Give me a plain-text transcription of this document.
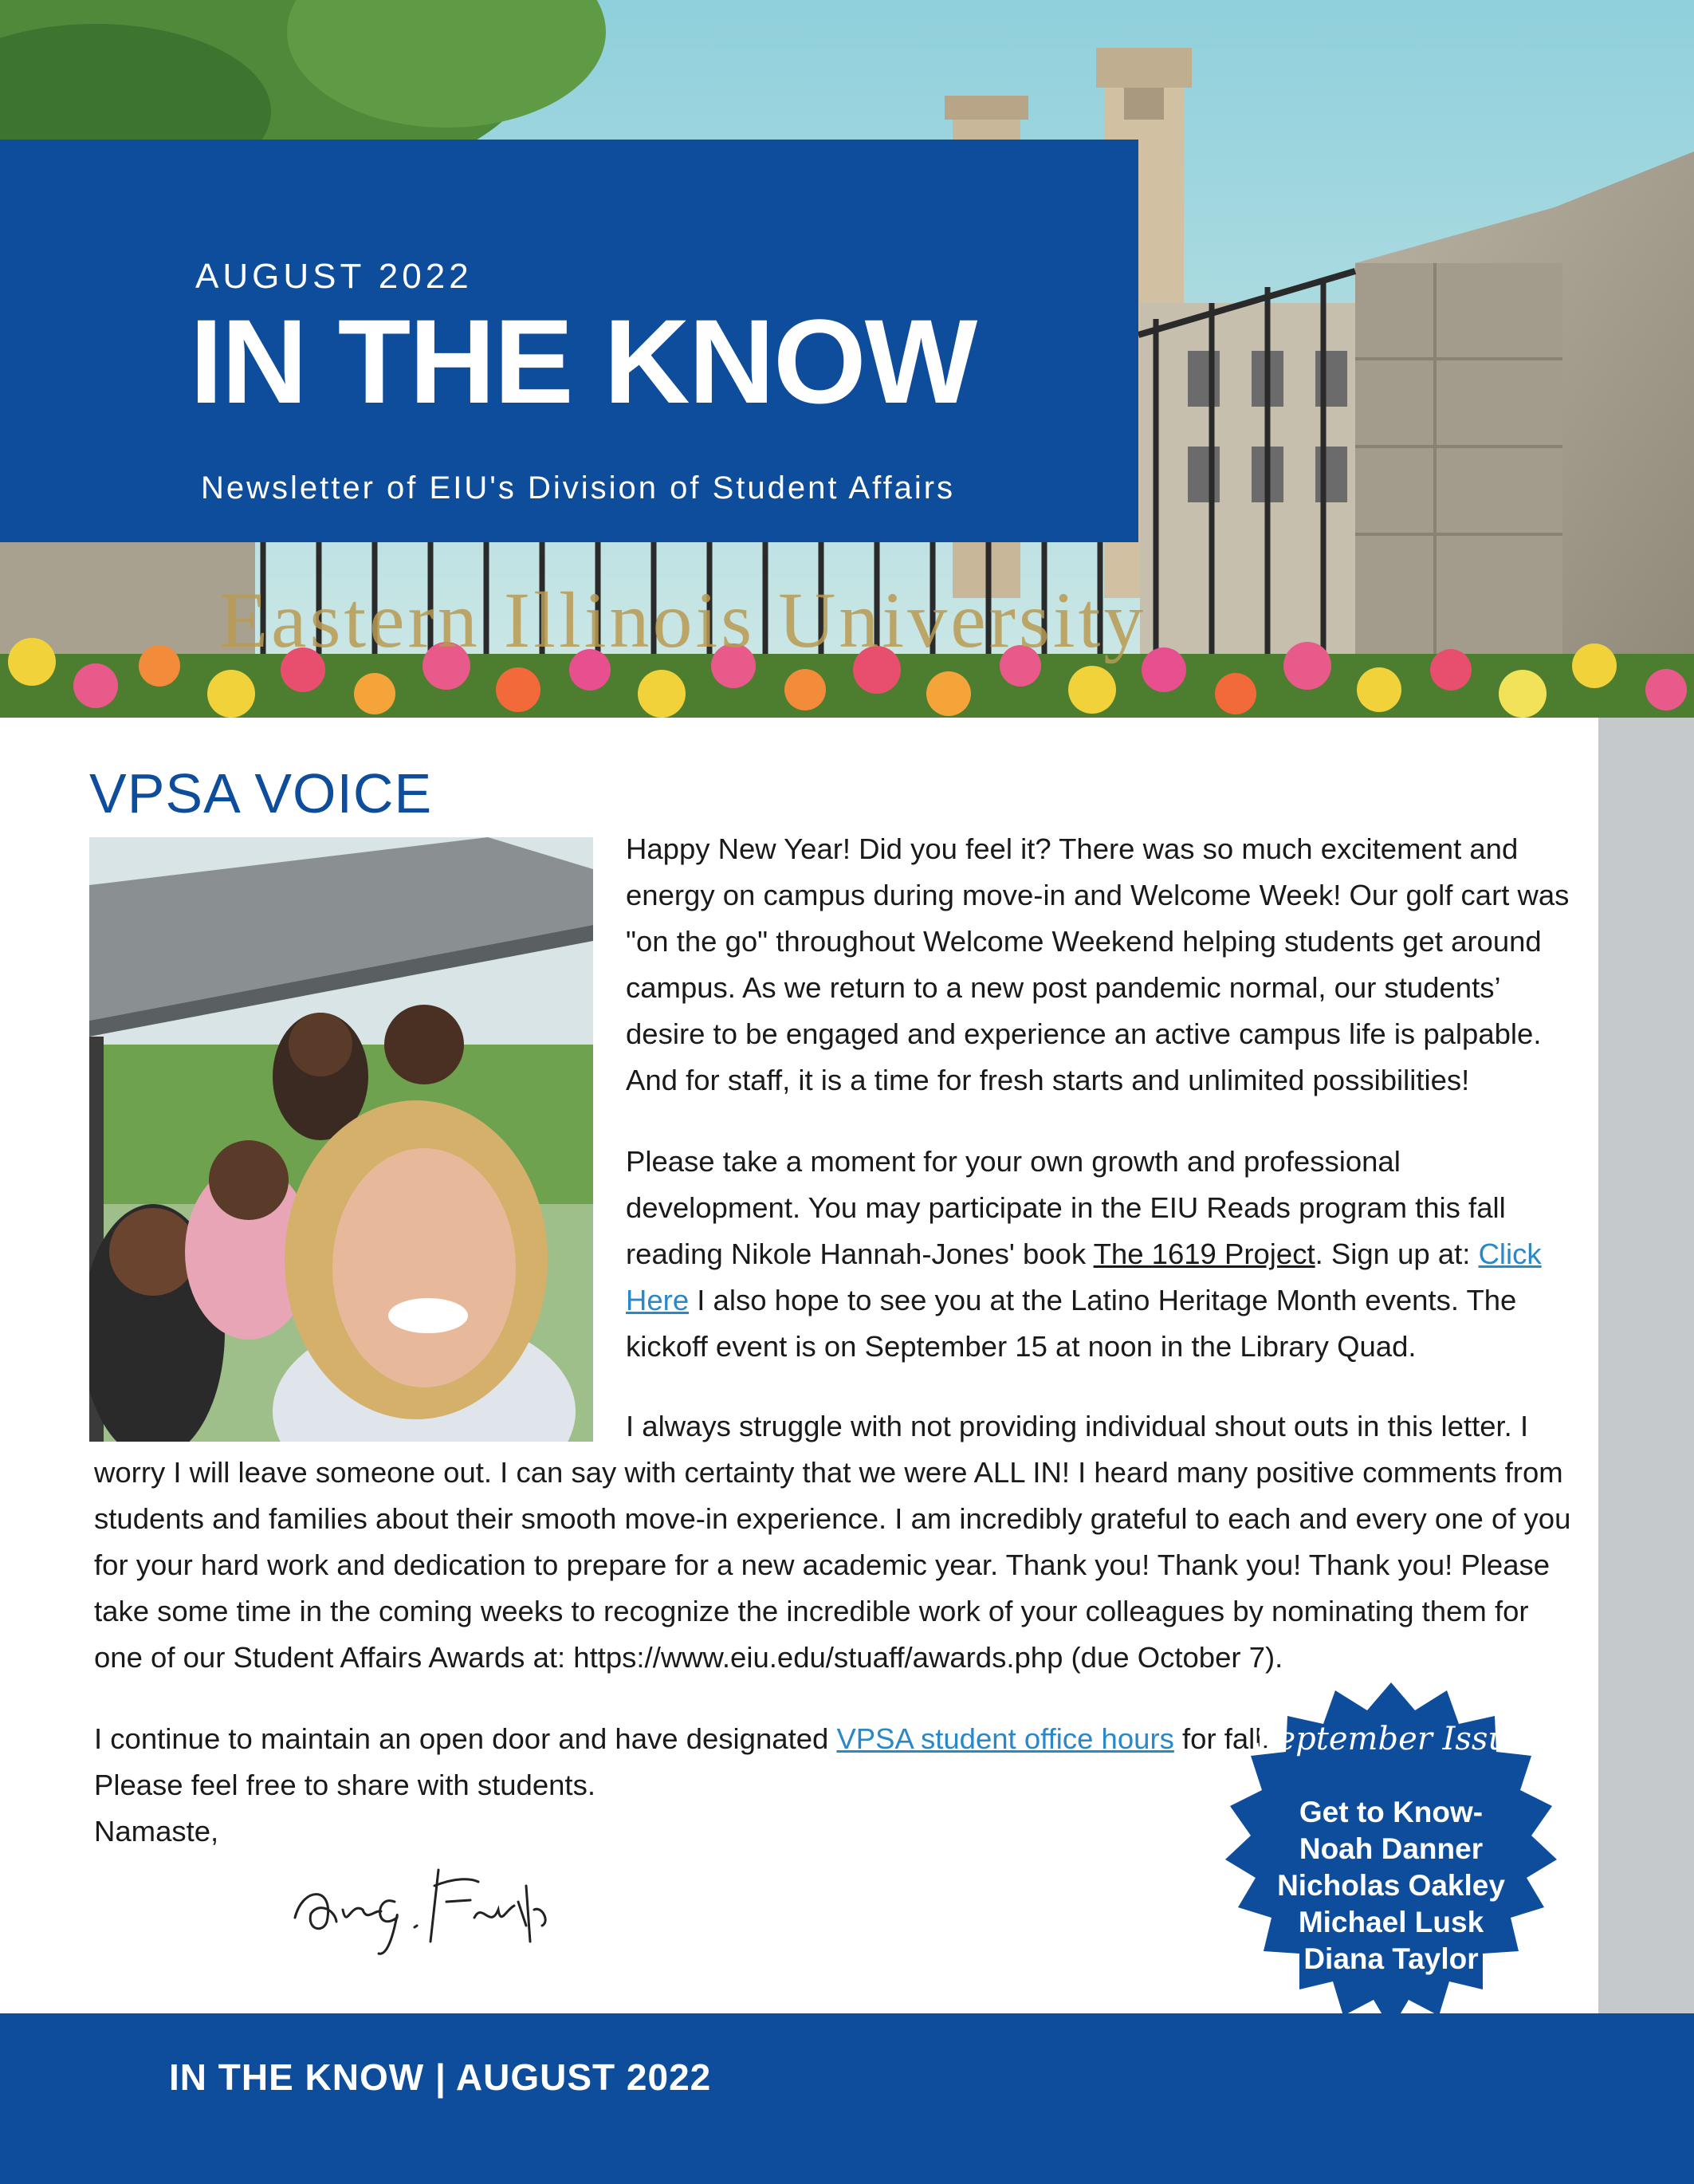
Eastern Illinois University
AUGUST 2022
IN THE KNOW
Newsletter of EIU's Division of Student Affairs
VPSA VOICE
Happy New Year! Did you feel it? There was so much excitement and energy on campus during move-in and Welcome Week! Our golf cart was "on the go" throughout Welcome Weekend helping students get around campus. As we return to a new post pandemic normal, our students’ desire to be engaged and experience an active campus life is palpable. And for staff, it is a time for fresh starts and unlimited possibilities!
Please take a moment for your own growth and professional development. You may participate in the EIU Reads program this fall reading Nikole Hannah-Jones' book The 1619 Project. Sign up at: Click Here I also hope to see you at the Latino Heritage Month events. The kickoff event is on September 15 at noon in the Library Quad.
I always struggle with not providing individual shout outs in this letter. I worry I will leave someone out. I can say with certainty that we were ALL IN! I heard many positive comments from students and families about their smooth move-in experience. I am incredibly grateful to each and every one of you for your hard work and dedication to prepare for a new academic year. Thank you! Thank you! Thank you! Please take some time in the coming weeks to recognize the incredible work of your colleagues by nominating them for one of our Student Affairs Awards at: https://www.eiu.edu/stuaff/awards.php (due October 7).
I continue to maintain an open door and have designated VPSA student office hours for fall.
Please feel free to share with students.
Namaste,
September Issue
Get to Know-
Noah Danner
Nicholas Oakley
Michael Lusk
Diana Taylor
IN THE KNOW | AUGUST 2022
